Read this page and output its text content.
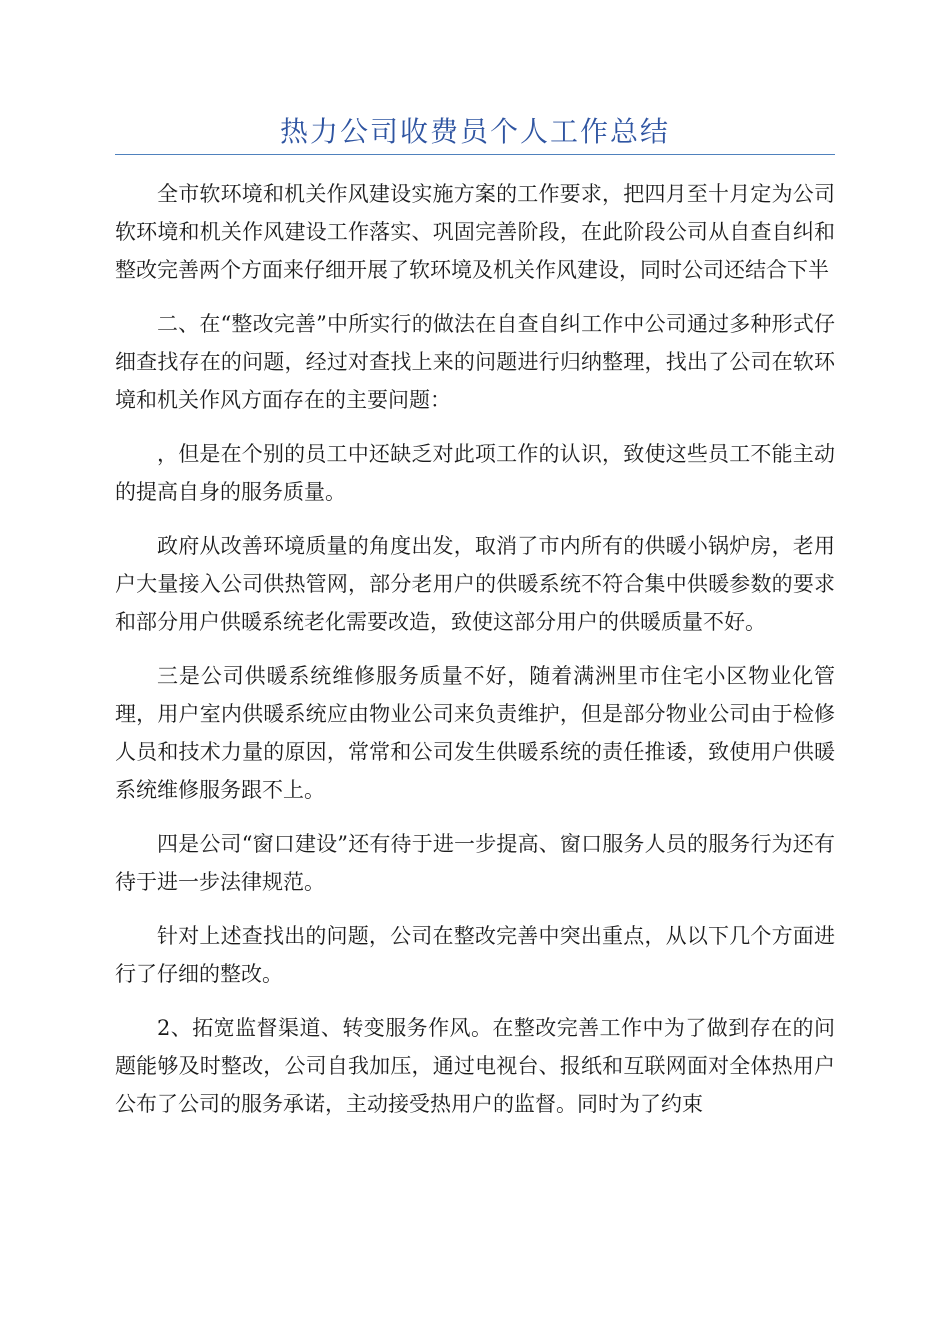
热力公司收费员个人工作总结

全市软环境和机关作风建设实施方案的工作要求，把四月至十月定为公司软环境和机关作风建设工作落实、巩固完善阶段，在此阶段公司从自查自纠和整改完善两个方面来仔细开展了软环境及机关作风建设，同时公司还结合下半

二、在“整改完善”中所实行的做法在自查自纠工作中公司通过多种形式仔细查找存在的问题，经过对查找上来的问题进行归纳整理，找出了公司在软环境和机关作风方面存在的主要问题：

，但是在个别的员工中还缺乏对此项工作的认识，致使这些员工不能主动的提高自身的服务质量。

政府从改善环境质量的角度出发，取消了市内所有的供暖小锅炉房，老用户大量接入公司供热管网，部分老用户的供暖系统不符合集中供暖参数的要求和部分用户供暖系统老化需要改造，致使这部分用户的供暖质量不好。

三是公司供暖系统维修服务质量不好，随着满洲里市住宅小区物业化管理，用户室内供暖系统应由物业公司来负责维护，但是部分物业公司由于检修人员和技术力量的原因，常常和公司发生供暖系统的责任推诿，致使用户供暖系统维修服务跟不上。

四是公司“窗口建设”还有待于进一步提高、窗口服务人员的服务行为还有待于进一步法律规范。

针对上述查找出的问题，公司在整改完善中突出重点，从以下几个方面进行了仔细的整改。

2、拓宽监督渠道、转变服务作风。在整改完善工作中为了做到存在的问题能够及时整改，公司自我加压，通过电视台、报纸和互联网面对全体热用户公布了公司的服务承诺，主动接受热用户的监督。同时为了约束
